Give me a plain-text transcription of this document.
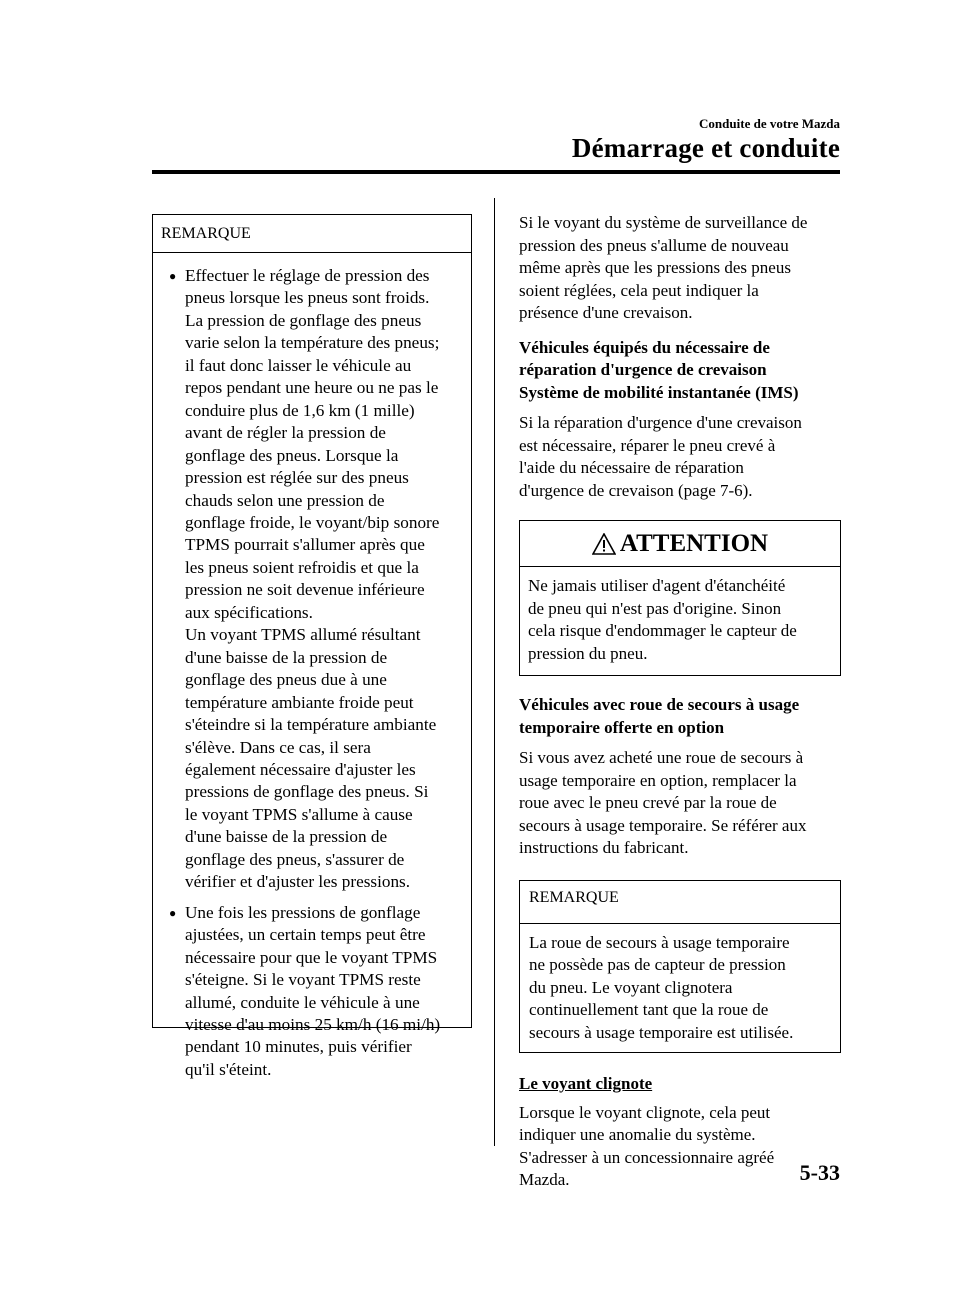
Conduite de votre Mazda
Démarrage et conduite
REMARQUE
● Effectuer le réglage de pression des
pneus lorsque les pneus sont froids.
La pression de gonflage des pneus
varie selon la température des pneus;
il faut donc laisser le véhicule au
repos pendant une heure ou ne pas le
conduire plus de 1,6 km (1 mille)
avant de régler la pression de
gonflage des pneus. Lorsque la
pression est réglée sur des pneus
chauds selon une pression de
gonflage froide, le voyant/bip sonore
TPMS pourrait s'allumer après que
les pneus soient refroidis et que la
pression ne soit devenue inférieure
aux spécifications.
Un voyant TPMS allumé résultant
d'une baisse de la pression de
gonflage des pneus due à une
température ambiante froide peut
s'éteindre si la température ambiante
s'élève. Dans ce cas, il sera
également nécessaire d'ajuster les
pressions de gonflage des pneus. Si
le voyant TPMS s'allume à cause
d'une baisse de la pression de
gonflage des pneus, s'assurer de
vérifier et d'ajuster les pressions.
● Une fois les pressions de gonflage
ajustées, un certain temps peut être
nécessaire pour que le voyant TPMS
s'éteigne. Si le voyant TPMS reste
allumé, conduite le véhicule à une
vitesse d'au moins 25 km/h (16 mi/h)
pendant 10 minutes, puis vérifier
qu'il s'éteint.
Si le voyant du système de surveillance de
pression des pneus s'allume de nouveau
même après que les pressions des pneus
soient réglées, cela peut indiquer la
présence d'une crevaison.
Véhicules équipés du nécessaire de
réparation d'urgence de crevaison
Système de mobilité instantanée (IMS)
Si la réparation d'urgence d'une crevaison
est nécessaire, réparer le pneu crevé à
l'aide du nécessaire de réparation
d'urgence de crevaison (page 7-6).
ATTENTION
Ne jamais utiliser d'agent d'étanchéité
de pneu qui n'est pas d'origine. Sinon
cela risque d'endommager le capteur de
pression du pneu.
Véhicules avec roue de secours à usage
temporaire offerte en option
Si vous avez acheté une roue de secours à
usage temporaire en option, remplacer la
roue avec le pneu crevé par la roue de
secours à usage temporaire. Se référer aux
instructions du fabricant.
REMARQUE
La roue de secours à usage temporaire
ne possède pas de capteur de pression
du pneu. Le voyant clignotera
continuellement tant que la roue de
secours à usage temporaire est utilisée.
Le voyant clignote
Lorsque le voyant clignote, cela peut
indiquer une anomalie du système.
S'adresser à un concessionnaire agréé
Mazda.	5-33
